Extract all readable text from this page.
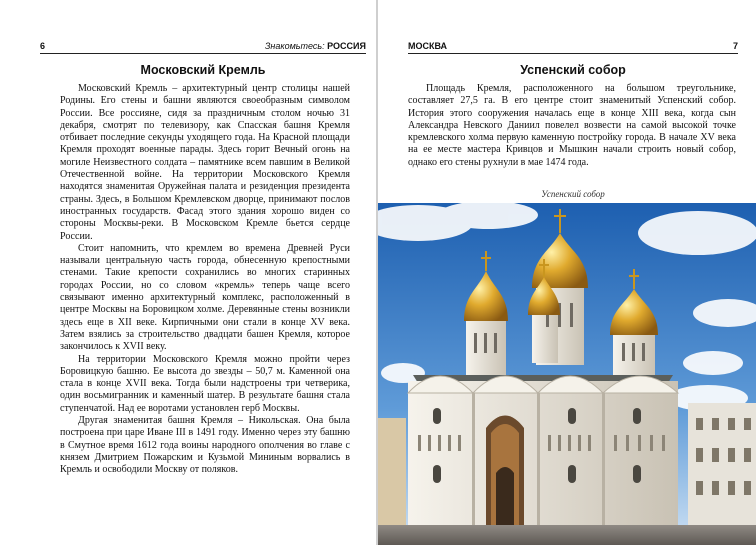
6	Знакомьтесь: РОССИЯ
Московский Кремль

Московский Кремль – архитектурный центр столицы нашей Родины. Его стены и башни являются своеобразным символом России. Все россияне, сидя за праздничным столом ночью 31 декабря, смотрят по телевизору, как Спасская башня Кремля отбивает последние секунды уходящего года. На Красной площади Кремля проходят военные парады. Здесь горит Вечный огонь на могиле Неизвестного солдата – памятнике всем павшим в Великой Отечественной войне. На территории Московского Кремля находятся знаменитая Оружейная палата и резиденция президента страны. Здесь, в Большом Кремлевском дворце, принимают послов иностранных государств. Фасад этого здания хорошо виден со стороны Москвы-реки. В Московском Кремле бьется сердце России.

Стоит напомнить, что кремлем во времена Древней Руси называли центральную часть города, обнесенную крепостными стенами. Такие крепости сохранились во многих старинных городах России, но со словом «кремль» теперь чаще всего связывают именно архитектурный комплекс, расположенный в центре Москвы на Боровицком холме. Деревянные стены возникли здесь еще в XII веке. Кирпичными они стали в конце XV века. Затем взялись за строительство двадцати башен Кремля, которое закончилось к XVII веку.

На территории Московского Кремля можно пройти через Боровицкую башню. Ее высота до звезды – 50,7 м. Каменной она стала в конце XVII века. Тогда были надстроены три четверика, один восьмигранник и каменный шатер. В результате башня стала ступенчатой. Над ее воротами установлен герб Москвы.

Другая знаменитая башня Кремля – Никольская. Она была построена при царе Иване III в 1491 году. Именно через эту башню в Смутное время 1612 года воины народного ополчения во главе с князем Дмитрием Пожарским и Кузьмой Мининым ворвались в Кремль и освободили Москву от поляков.

МОСКВА	7
Успенский собор

Площадь Кремля, расположенного на большом треугольнике, составляет 27,5 га. В его центре стоит знаменитый Успенский собор. История этого сооружения началась еще в конце XIII века, когда сын Александра Невского Даниил повелел возвести на самой высокой точке кремлевского холма первую каменную постройку города. В начале XV века на ее месте мастера Кривцов и Мышкин начали строить новый собор, однако его стены рухнули в мае 1474 года.

Успенский собор
